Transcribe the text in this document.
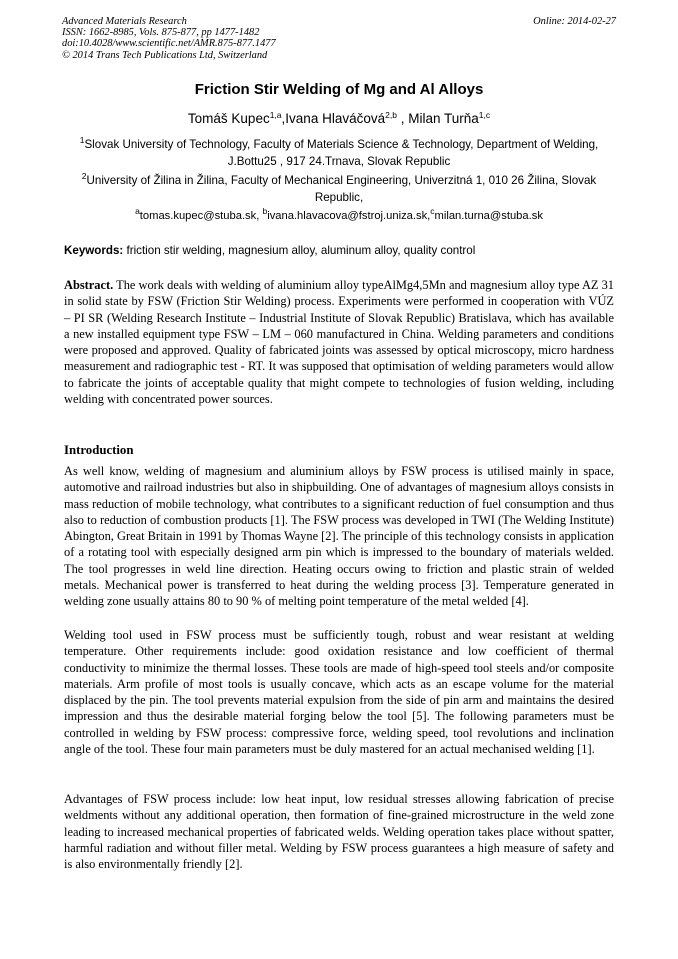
Advanced Materials Research
ISSN: 1662-8985, Vols. 875-877, pp 1477-1482
doi:10.4028/www.scientific.net/AMR.875-877.1477
© 2014 Trans Tech Publications Ltd, Switzerland
Online: 2014-02-27
Friction Stir Welding of Mg and Al Alloys
Tomáš Kupec$^{1,a}$,Ivana Hlaváčová$^{2,b}$ , Milan Turňa$^{1,c}$
$^1$Slovak University of Technology, Faculty of Materials Science & Technology, Department of Welding, J.Bottu25 , 917 24.Trnava, Slovak Republic
$^2$University of Žilina in Žilina, Faculty of Mechanical Engineering, Univerzitná 1, 010 26 Žilina, Slovak Republic,
$^a$tomas.kupec@stuba.sk, $^b$ivana.hlavacova@fstroj.uniza.sk,$^c$milan.turna@stuba.sk
Keywords: friction stir welding, magnesium alloy, aluminum alloy, quality control
Abstract. The work deals with welding of aluminium alloy typeAlMg4,5Mn and magnesium alloy type AZ 31 in solid state by FSW (Friction Stir Welding) process. Experiments were performed in cooperation with VÚZ – PI SR (Welding Research Institute – Industrial Institute of Slovak Republic) Bratislava, which has available a new installed equipment type FSW – LM – 060 manufactured in China. Welding parameters and conditions were proposed and approved. Quality of fabricated joints was assessed by optical microscopy, micro hardness measurement and radiographic test - RT. It was supposed that optimisation of welding parameters would allow to fabricate the joints of acceptable quality that might compete to technologies of fusion welding, including welding with concentrated power sources.
Introduction
As well know, welding of magnesium and aluminium alloys by FSW process is utilised mainly in space, automotive and railroad industries but also in shipbuilding. One of advantages of magnesium alloys consists in mass reduction of mobile technology, what contributes to a significant reduction of fuel consumption and thus also to reduction of combustion products [1]. The FSW process was developed in TWI (The Welding Institute) Abington, Great Britain in 1991 by Thomas Wayne [2]. The principle of this technology consists in application of a rotating tool with especially designed arm pin which is impressed to the boundary of materials welded. The tool progresses in weld line direction. Heating occurs owing to friction and plastic strain of welded metals. Mechanical power is transferred to heat during the welding process [3]. Temperature generated in welding zone usually attains 80 to 90 % of melting point temperature of the metal welded [4].
Welding tool used in FSW process must be sufficiently tough, robust and wear resistant at welding temperature. Other requirements include: good oxidation resistance and low coefficient of thermal conductivity to minimize the thermal losses. These tools are made of high-speed tool steels and/or composite materials. Arm profile of most tools is usually concave, which acts as an escape volume for the material displaced by the pin. The tool prevents material expulsion from the side of pin arm and maintains the desired impression and thus the desirable material forging below the tool [5]. The following parameters must be controlled in welding by FSW process: compressive force, welding speed, tool revolutions and inclination angle of the tool. These four main parameters must be duly mastered for an actual mechanised welding [1].
Advantages of FSW process include: low heat input, low residual stresses allowing fabrication of precise weldments without any additional operation, then formation of fine-grained microstructure in the weld zone leading to increased mechanical properties of fabricated welds. Welding operation takes place without spatter, harmful radiation and without filler metal. Welding by FSW process guarantees a high measure of safety and is also environmentally friendly [2].
